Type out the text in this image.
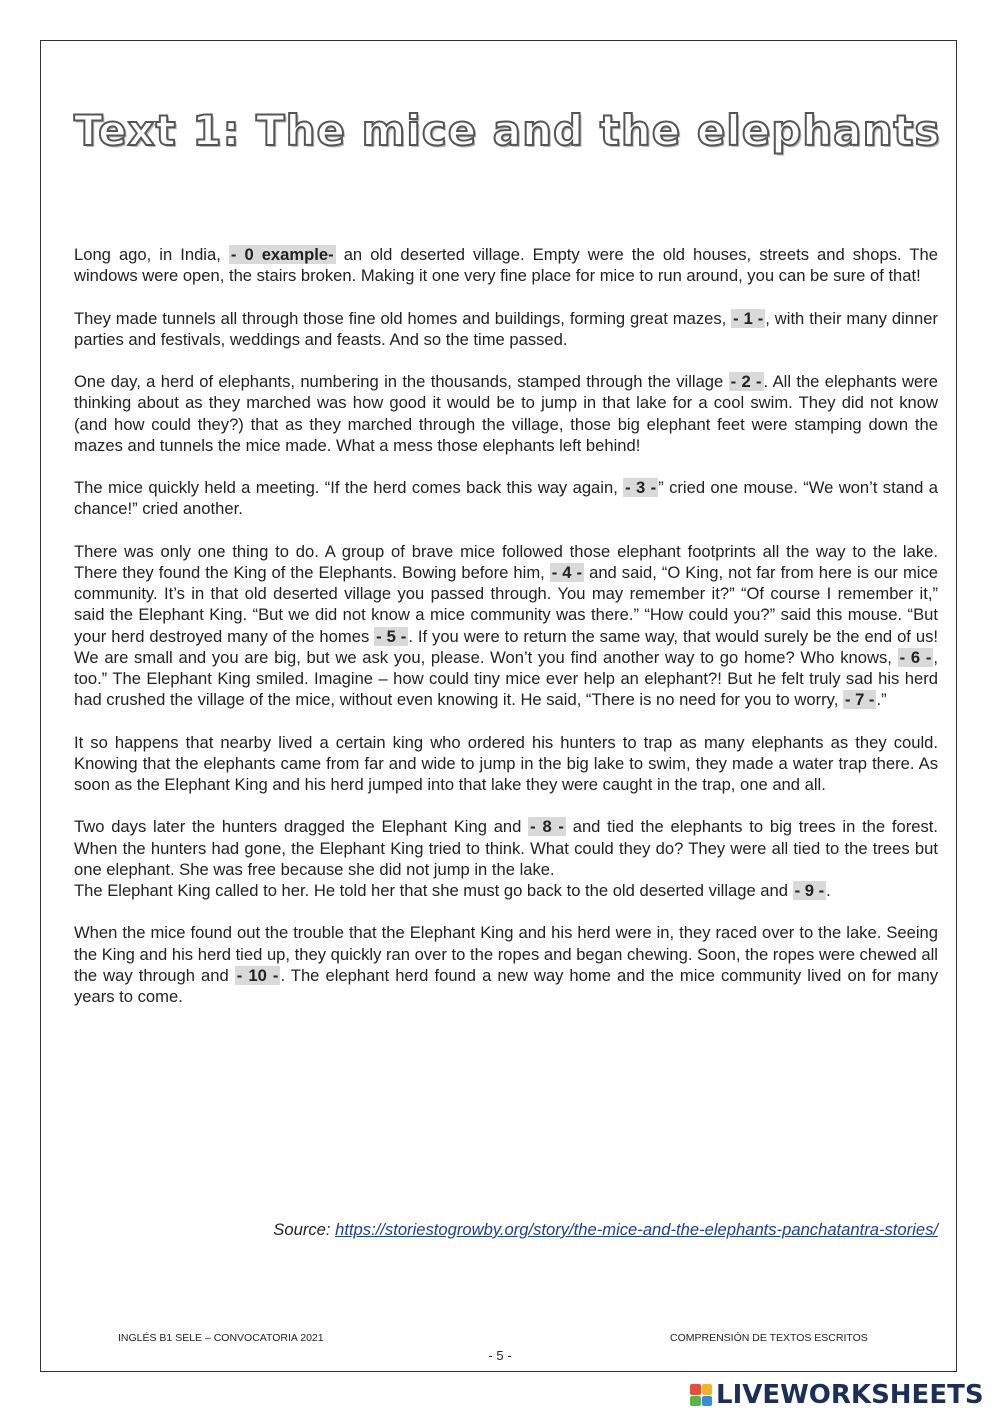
Text 1: The mice and the elephants

Long ago, in India, - 0 example- an old deserted village. Empty were the old houses, streets and shops. The windows were open, the stairs broken. Making it one very fine place for mice to run around, you can be sure of that!

They made tunnels all through those fine old homes and buildings, forming great mazes, - 1 - , with their many dinner parties and festivals, weddings and feasts. And so the time passed.

One day, a herd of elephants, numbering in the thousands, stamped through the village - 2 - . All the elephants were thinking about as they marched was how good it would be to jump in that lake for a cool swim. They did not know (and how could they?) that as they marched through the village, those big elephant feet were stamping down the mazes and tunnels the mice made. What a mess those elephants left behind!

The mice quickly held a meeting. “If the herd comes back this way again, - 3 - ” cried one mouse. “We won’t stand a chance!” cried another.

There was only one thing to do. A group of brave mice followed those elephant footprints all the way to the lake. There they found the King of the Elephants. Bowing before him, - 4 - and said, “O King, not far from here is our mice community. It’s in that old deserted village you passed through. You may remember it?” “Of course I remember it,” said the Elephant King. “But we did not know a mice community was there.” “How could you?” said this mouse. “But your herd destroyed many of the homes - 5 - . If you were to return the same way, that would surely be the end of us! We are small and you are big, but we ask you, please. Won’t you find another way to go home? Who knows, - 6 - , too.” The Elephant King smiled. Imagine – how could tiny mice ever help an elephant?! But he felt truly sad his herd had crushed the village of the mice, without even knowing it. He said, “There is no need for you to worry, - 7 - .”

It so happens that nearby lived a certain king who ordered his hunters to trap as many elephants as they could. Knowing that the elephants came from far and wide to jump in the big lake to swim, they made a water trap there. As soon as the Elephant King and his herd jumped into that lake they were caught in the trap, one and all.

Two days later the hunters dragged the Elephant King and - 8 - and tied the elephants to big trees in the forest. When the hunters had gone, the Elephant King tried to think. What could they do? They were all tied to the trees but one elephant. She was free because she did not jump in the lake.

The Elephant King called to her. He told her that she must go back to the old deserted village and - 9 - .

When the mice found out the trouble that the Elephant King and his herd were in, they raced over to the lake. Seeing the King and his herd tied up, they quickly ran over to the ropes and began chewing. Soon, the ropes were chewed all the way through and - 10 - . The elephant herd found a new way home and the mice community lived on for many years to come.

Source: https://storiestogrowby.org/story/the-mice-and-the-elephants-panchatantra-stories/
INGLÉS B1 SELE – CONVOCATORIA 2021	COMPRENSIÓN DE TEXTOS ESCRITOS
- 5 -
LIVEWORKSHEETS
